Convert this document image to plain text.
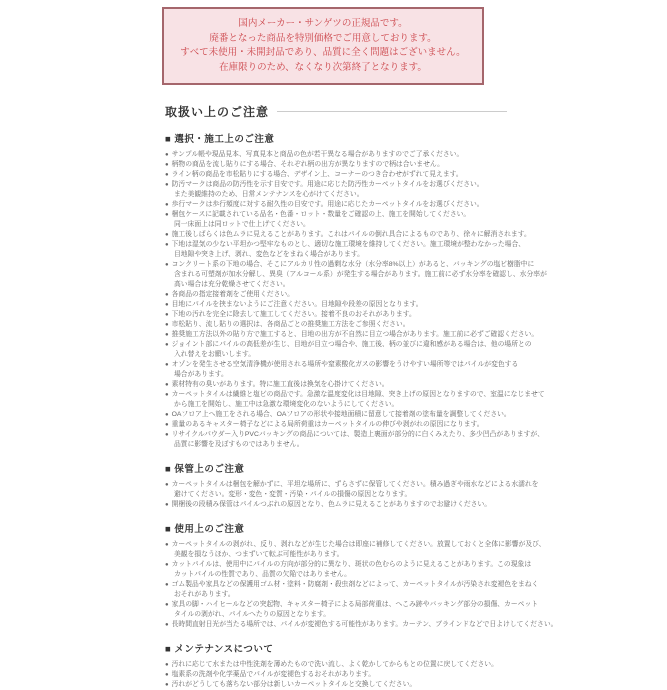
国内メーカー・サンゲツの正規品です。
廃番となった商品を特別価格でご用意しております。
すべて未使用・未開封品であり、品質に全く問題はございません。
在庫限りのため、なくなり次第終了となります。
取扱い上のご注意
■ 選択・施工上のご注意
● サンプル帳や現品見本、写真見本と商品の色が若干異なる場合がありますのでご了承ください。
● 柄物の商品を流し貼りにする場合、それぞれ柄の出方が異なりますので柄は合いません。
● ライン柄の商品を市松貼りにする場合、デザイン上、コーナーのつき合わせがずれて見えます。
● 防汚マークは商品の防汚性を示す目安です。用途に応じた防汚性カーペットタイルをお選びください。
また美観維持のため、日常メンテナンスを心がけてください。
● 歩行マークは歩行頻度に対する耐久性の目安です。用途に応じたカーペットタイルをお選びください。
● 梱包ケースに記載されている品名・色番・ロット・数量をご確認の上、施工を開始してください。
同一床面上は同ロットで仕上げてください。
● 施工後しばらくは色ムラに見えることがあります。これはパイルの倒れ具合によるものであり、徐々に解消されます。
● 下地は湿気の少ない平坦かつ堅牢なものとし、適切な施工環境を維持してください。施工環境が整わなかった場合、
目地隙や突き上げ、剥れ、変色などをまねく場合があります。
● コンクリート系の下地の場合、そこにアルカリ性の過剰な水分（水分率8%以上）があると、バッキングの塩ビ樹脂中に
含まれる可塑剤が加水分解し、異臭（アルコール系）が発生する場合があります。施工前に必ず水分率を確認し、水分率が
高い場合は充分乾燥させてください。
● 各商品の指定接着剤をご使用ください。
● 目地にパイルを挟まないようにご注意ください。目地隙や段差の原因となります。
● 下地の汚れを完全に除去して施工してください。接着不良のおそれがあります。
● 市松貼り、流し貼りの選択は、各商品ごとの推奨施工方法をご参照ください。
● 推奨施工方法以外の貼り方で施工すると、目地の出方が不自然に目立つ場合があります。施工前に必ずご確認ください。
● ジョイント部にパイルの高低差が生じ、目地が目立つ場合や、施工後、柄の並びに違和感がある場合は、他の場所との
入れ替えをお願いします。
● オゾンを発生させる空気清浄機が使用される場所や窒素酸化ガスの影響をうけやすい場所等ではパイルが変色する
場合があります。
● 素材特有の臭いがあります。特に施工直後は換気を心掛けてください。
● カーペットタイルは繊維と塩ビの商品です。急激な温度変化は目地隙、突き上げの原因となりますので、室温になじませて
から施工を開始し、施工中は急激な環境変化のないようにしてください。
● OAフロア上へ施工をされる場合、OAフロアの形状や接地面積に留意して接着剤の塗布量を調整してください。
● 重量のあるキャスター椅子などによる局所荷重はカーペットタイルの伸びや剥がれの原因になります。
● リサイクルパウダー入りPVCバッキングの商品については、製造上裏面が部分的に白くみえたり、多少凹凸がありますが、
品質に影響を及ぼすものではありません。
■ 保管上のご注意
● カーペットタイルは梱包を解かずに、平坦な場所に、ずらさずに保管してください。積み過ぎや雨水などによる水濡れを
避けてください。変形・変色・変質・汚染・パイルの損傷の原因となります。
● 開梱後の段積み保管はパイルつぶれの原因となり、色ムラに見えることがありますのでお避けください。
■ 使用上のご注意
● カーペットタイルの剥がれ、反り、剥れなどが生じた場合は即座に補修してください。放置しておくと全体に影響が及び、
美観を損なうほか、つまずいて転ぶ可能性があります。
● カットパイルは、使用中にパイルの方向が部分的に異なり、斑状の色むらのように見えることがあります。この現象は
カットパイルの性質であり、品質の欠陥ではありません。
● ゴム製品や家具などの保護用ゴム材・塗料・防腐剤・殺虫剤などによって、カーペットタイルが汚染され変褪色をまねく
おそれがあります。
● 家具の脚・ハイヒールなどの突起物、キャスター椅子による局部荷重は、へこみ跡やバッキング部分の損傷、カーペット
タイルの剥がれ、パイルへたりの原因となります。
● 長時間直射日光が当たる場所では、パイルが変褪色する可能性があります。カーテン、ブラインドなどで日よけしてください。
■ メンテナンスについて
● 汚れに応じて水または中性洗剤を薄めたもので洗い流し、よく乾かしてからもとの位置に戻してください。
● 塩素系の洗剤や化学薬品でパイルが変褪色するおそれがあります。
● 汚れがどうしても落ちない部分は新しいカーペットタイルと交換してください。
